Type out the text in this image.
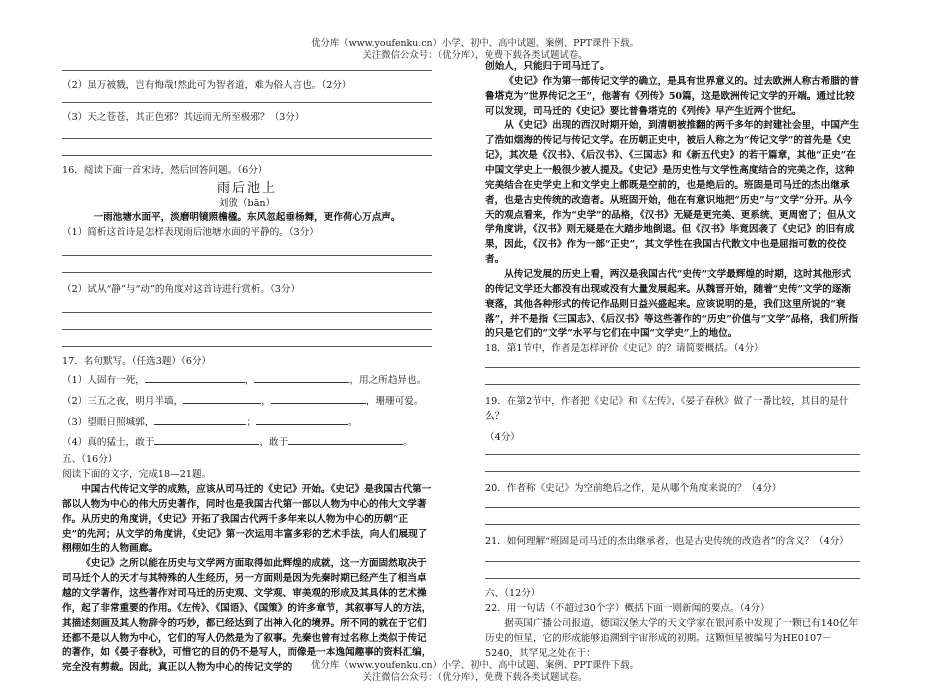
优分库（www.youfenku.cn）小学、初中、高中试题、案例、PPT课件下载。
关注微信公众号：（优分库），免费下载各类试题试卷。

（2）虽万被戮，岂有悔哉!然此可为智者道，难为俗人言也。（2分）

（3）天之苍苍，其正色邪？其远而无所至极邪？（3分）

16．阅读下面一首宋诗，然后回答问题。（6分）

雨后池上

刘攽（bān）

一雨池塘水面平，淡磨明镜照檐楹。东风忽起垂杨舞，更作荷心万点声。

（1）简析这首诗是怎样表现雨后池塘水面的平静的。（3分）

（2）试从“静”与“动”的角度对这首诗进行赏析。（3分）

17．名句默写。（任选3题）（6分）

（1）人固有一死，	，	，用之所趋异也。

（2）三五之夜，明月半墙，	，	，珊珊可爱。

（3）望眼日照城郭，	；	。

（4）真的猛士，敢于	，敢于	。

五、（16分）

阅读下面的文字，完成18—21题。

中国古代传记文学的成熟，应该从司马迁的《史记》开始。《史记》是我国古代第一部以人物为中心的伟大历史著作，同时也是我国古代第一部以人物为中心的伟大文学著作。从历史的角度讲，《史记》开拓了我国古代两千多年来以人物为中心的历朝“正史”的先河；从文学的角度讲，《史记》第一次运用丰富多彩的艺术手法，向人们展现了栩栩如生的人物画廊。

《史记》之所以能在历史与文学两方面取得如此辉煌的成就，这一方面固然取决于司马迁个人的天才与其特殊的人生经历，另一方面则是因为先秦时期已经产生了相当卓越的文学著作，这些著作对司马迁的历史观、文学观、审美观的形成及其具体的艺术操作，起了非常重要的作用。《左传》、《国语》、《国策》的许多章节，其叙事写人的方法，其描述刻画及其人物辞令的巧妙，都已经达到了出神入化的境界。所不同的就在于它们还都不是以人物为中心，它们的写人仍然是为了叙事。先秦也曾有过名称上类似于传记的著作，如《晏子春秋》，可惜它的目的仍不是写人，而像是一本逸闻趣事的资料汇编，完全没有剪裁。因此，真正以人物为中心的传记文学的

创始人，只能归于司马迁了。

《史记》作为第一部传记文学的确立，是具有世界意义的。过去欧洲人称古希腊的普鲁塔克为“世界传记之王”，他著有《列传》50篇，这是欧洲传记文学的开端。通过比较可以发现，司马迁的《史记》要比普鲁塔克的《列传》早产生近两个世纪。

从《史记》出现的西汉时期开始，到清朝被推翻的两千多年的封建社会里，中国产生了浩如烟海的传记与传记文学。在历朝正史中，被后人称之为“传记文学”的首先是《史记》，其次是《汉书》、《后汉书》、《三国志》和《新五代史》的若干篇章，其他“正史”在中国文学史上一般很少被人提及。《史记》是历史性与文学性高度结合的完美之作，这种完美结合在史学史上和文学史上都既是空前的，也是绝后的。班固是司马迁的杰出继承者，也是古史传统的改造者。从班固开始，他在有意识地把“历史”与“文学”分开。从今天的观点看来，作为“史学”的品格，《汉书》无疑是更完美、更系统、更周密了；但从文学角度讲，《汉书》则无疑是在大踏步地倒退。但《汉书》毕竟因袭了《史记》的旧有成果，因此，《汉书》作为一部“正史”，其文学性在我国古代散文中也是屈指可数的佼佼者。

从传记发展的历史上看，两汉是我国古代“史传”文学最辉煌的时期，这时其他形式的传记文学还大都没有出现或没有大量发展起来。从魏晋开始，随着“史传”文学的逐渐衰落，其他各种形式的传记作品则日益兴盛起来。应该说明的是，我们这里所说的“衰落”，并不是指《三国志》、《后汉书》等这些著作的“历史”价值与“文学”品格，我们所指的只是它们的“文学”水平与它们在中国“文学史”上的地位。

18．第1节中，作者是怎样评价《史记》的？请简要概括。（4分）

19．在第2节中，作者把《史记》和《左传》、《晏子春秋》做了一番比较，其目的是什么？

（4分）

20．作者称《史记》为空前绝后之作，是从哪个角度来说的？（4分）

21．如何理解“班固是司马迁的杰出继承者，也是古史传统的改造者”的含义？（4分）

六、（12分）

22．用一句话（不超过30个字）概括下面一则新闻的要点。（4分）

据英国广播公司报道，德国汉堡大学的天文学家在银河系中发现了一颗已有140亿年历史的恒星，它的形成能够追溯到宇宙形成的初期。这颗恒星被编号为HE0107－5240，其罕见之处在于：

优分库（www.youfenku.cn）小学、初中、高中试题、案例、PPT课件下载。
关注微信公众号：（优分库），免费下载各类试题试卷。
